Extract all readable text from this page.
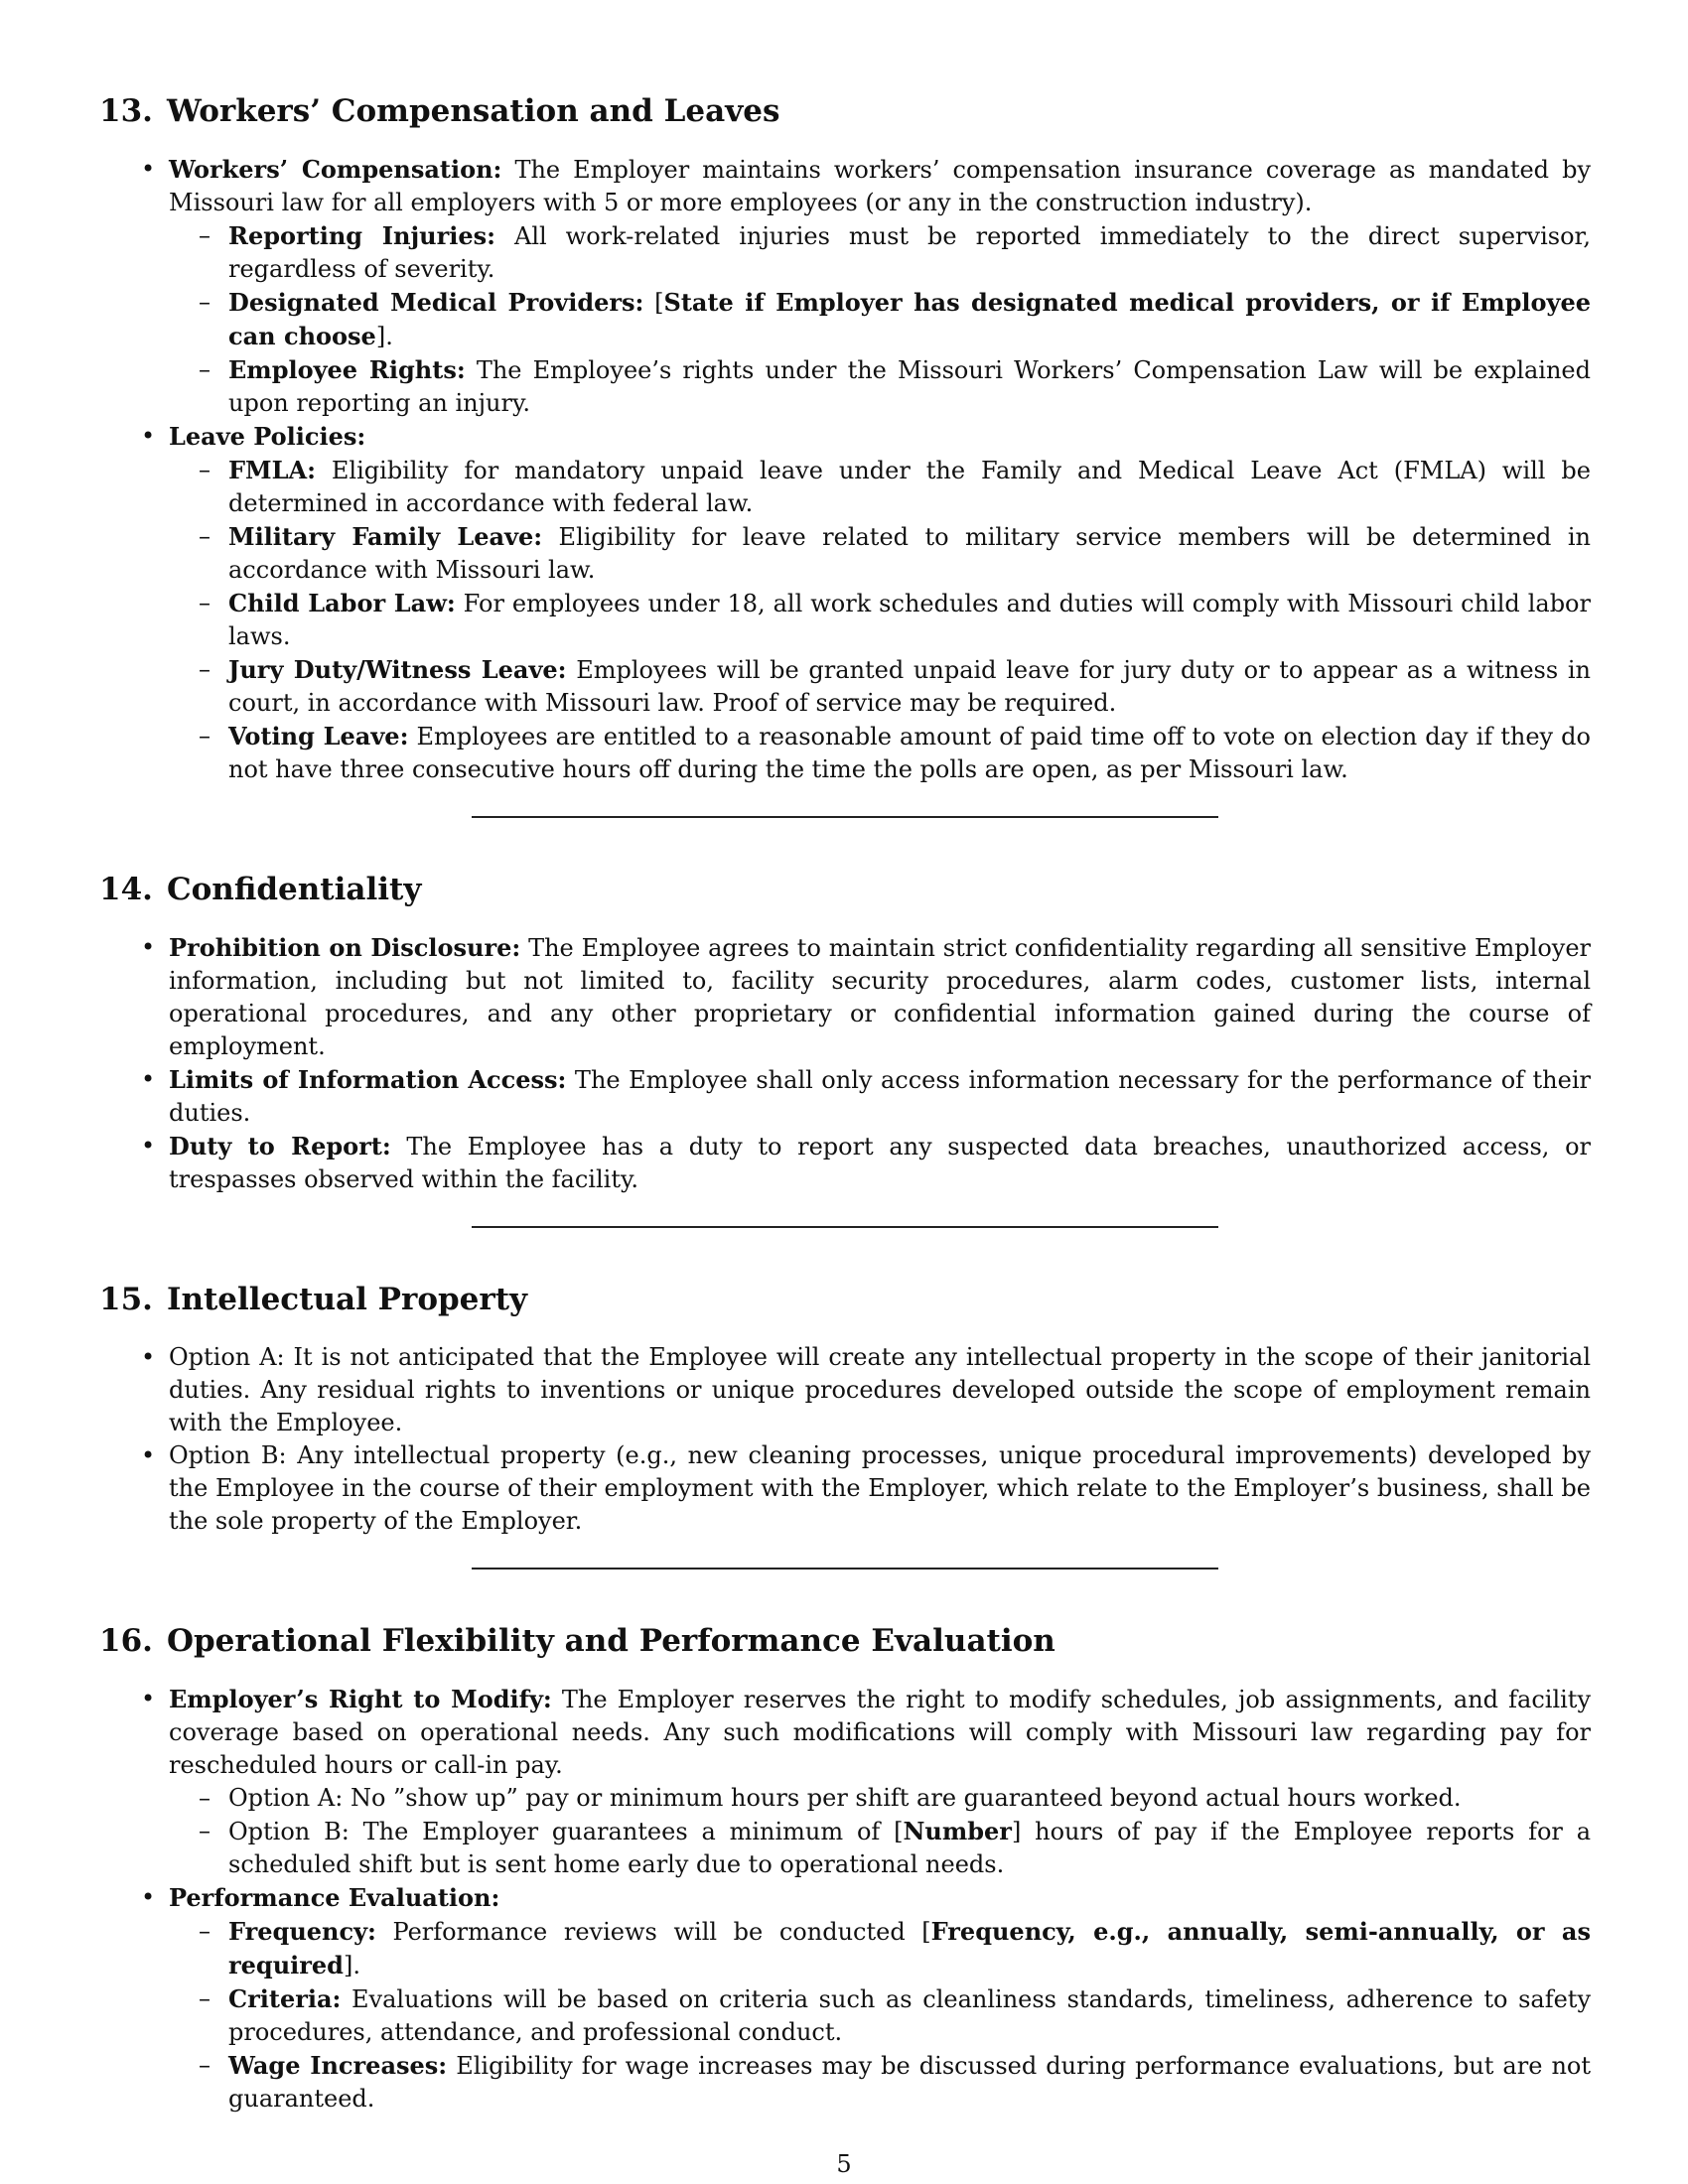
13. Workers’ Compensation and Leaves
• Workers’ Compensation: The Employer maintains workers’ compensation insurance coverage as mandated by Missouri law for all employers with 5 or more employees (or any in the construction industry).
– Reporting Injuries: All work-related injuries must be reported immediately to the direct supervisor, regardless of severity.
– Designated Medical Providers: [State if Employer has designated medical providers, or if Employee can choose].
– Employee Rights: The Employee’s rights under the Missouri Workers’ Compensation Law will be explained upon reporting an injury.
• Leave Policies:
– FMLA: Eligibility for mandatory unpaid leave under the Family and Medical Leave Act (FMLA) will be determined in accordance with federal law.
– Military Family Leave: Eligibility for leave related to military service members will be determined in accordance with Missouri law.
– Child Labor Law: For employees under 18, all work schedules and duties will comply with Missouri child labor laws.
– Jury Duty/Witness Leave: Employees will be granted unpaid leave for jury duty or to appear as a witness in court, in accordance with Missouri law. Proof of service may be required.
– Voting Leave: Employees are entitled to a reasonable amount of paid time off to vote on election day if they do not have three consecutive hours off during the time the polls are open, as per Missouri law.
14. Confidentiality
• Prohibition on Disclosure: The Employee agrees to maintain strict confidentiality regarding all sensitive Employer information, including but not limited to, facility security procedures, alarm codes, customer lists, internal operational procedures, and any other proprietary or confidential information gained during the course of employment.
• Limits of Information Access: The Employee shall only access information necessary for the performance of their duties.
• Duty to Report: The Employee has a duty to report any suspected data breaches, unauthorized access, or trespasses observed within the facility.
15. Intellectual Property
• Option A: It is not anticipated that the Employee will create any intellectual property in the scope of their janitorial duties. Any residual rights to inventions or unique procedures developed outside the scope of employment remain with the Employee.
• Option B: Any intellectual property (e.g., new cleaning processes, unique procedural improvements) developed by the Employee in the course of their employment with the Employer, which relate to the Employer’s business, shall be the sole property of the Employer.
16. Operational Flexibility and Performance Evaluation
• Employer’s Right to Modify: The Employer reserves the right to modify schedules, job assignments, and facility coverage based on operational needs. Any such modifications will comply with Missouri law regarding pay for rescheduled hours or call-in pay.
– Option A: No ”show up” pay or minimum hours per shift are guaranteed beyond actual hours worked.
– Option B: The Employer guarantees a minimum of [Number] hours of pay if the Employee reports for a scheduled shift but is sent home early due to operational needs.
• Performance Evaluation:
– Frequency: Performance reviews will be conducted [Frequency, e.g., annually, semi-annually, or as required].
– Criteria: Evaluations will be based on criteria such as cleanliness standards, timeliness, adherence to safety procedures, attendance, and professional conduct.
– Wage Increases: Eligibility for wage increases may be discussed during performance evaluations, but are not guaranteed.
5
